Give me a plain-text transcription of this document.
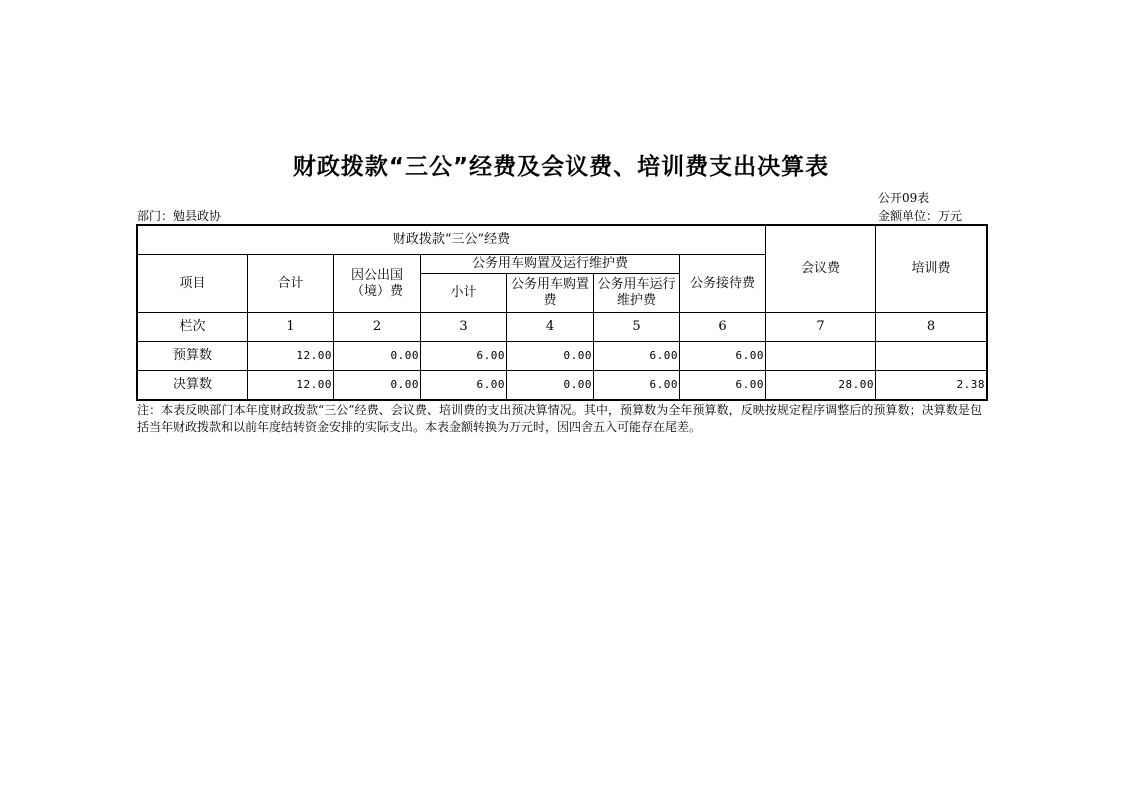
财政拨款“三公”经费及会议费、培训费支出决算表
公开09表
部门：勉县政协	金额单位：万元
财政拨款“三公”经费							会议费	培训费
项目	合计	因公出国（境）费	公务用车购置及运行维护费			公务接待费		
			小计	公务用车购置费	公务用车运行维护费			
栏次	1	2	3	4	5	6	7	8
预算数	12.00	0.00	6.00	0.00	6.00	6.00		
决算数	12.00	0.00	6.00	0.00	6.00	6.00	28.00	2.38
注：本表反映部门本年度财政拨款“三公”经费、会议费、培训费的支出预决算情况。其中，预算数为全年预算数，反映按规定程序调整后的预算数；决算数是包括当年财政拨款和以前年度结转资金安排的实际支出。本表金额转换为万元时，因四舍五入可能存在尾差。
